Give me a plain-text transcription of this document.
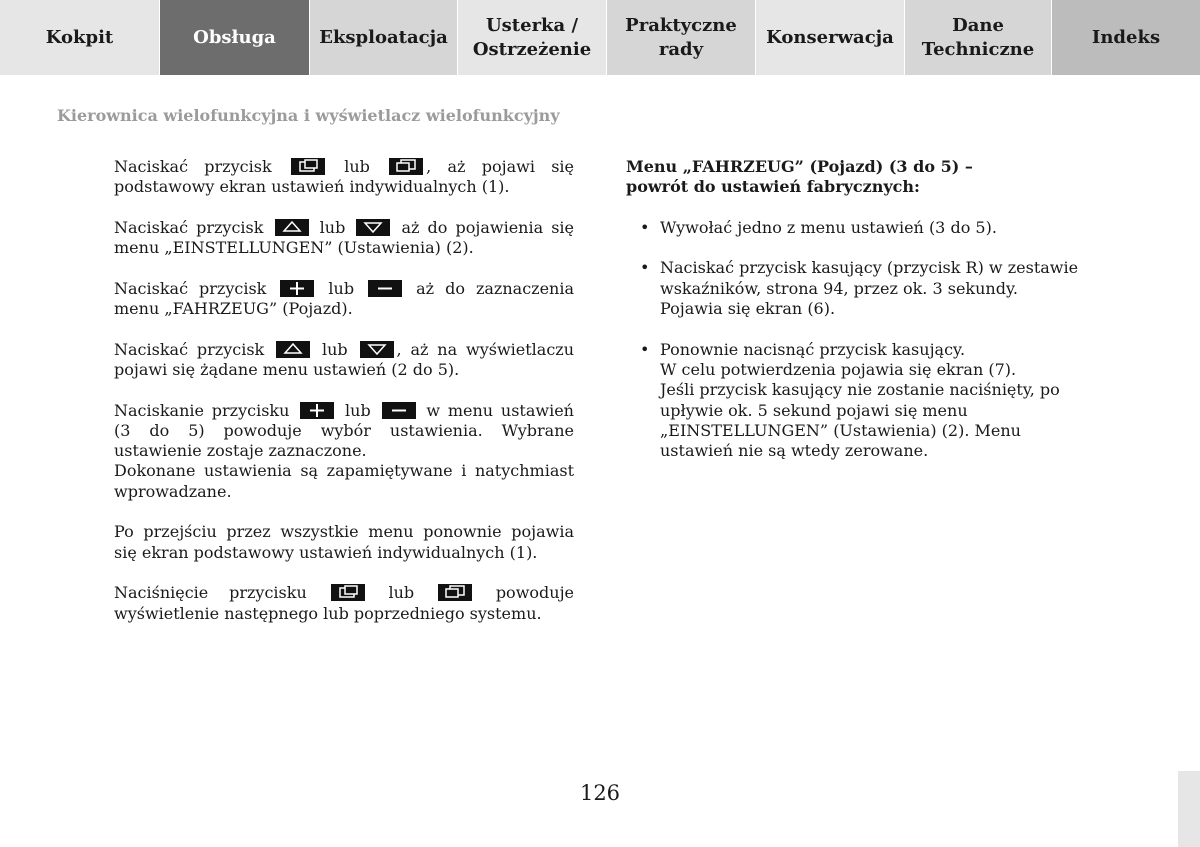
Kokpit	Obsługa Eksploatacja
Usterka /
Ostrzeżenie
Praktyczne
rady
Konserwacja
Dane
Techniczne
Indeks
Kierownica wielofunkcyjna i wyświetlacz wielofunkcyjny

Naciskać przycisk	lub	, aż pojawi się podstawowy ekran ustawień indywidualnych (1).

Naciskać przycisk	lub	aż do pojawienia się menu „EINSTELLUNGEN” (Ustawienia) (2).

Naciskać przycisk	lub	aż do zaznaczenia menu „FAHRZEUG” (Pojazd).

Naciskać przycisk	lub	, aż na wyświetlaczu pojawi się żądane menu ustawień (2 do 5).

Naciskanie przycisku	lub	w menu ustawień (3 do 5) powoduje wybór ustawienia. Wybrane ustawienie zostaje zaznaczone.

Dokonane ustawienia są zapamiętywane i natychmiast wprowadzane.

Po przejściu przez wszystkie menu ponownie pojawia się ekran podstawowy ustawień indywidualnych (1).

Naciśnięcie przycisku	lub	powoduje wyświetlenie następnego lub poprzedniego systemu.

Menu „FAHRZEUG” (Pojazd) (3 do 5) –
powrót do ustawień fabrycznych:
• Wywołać jedno z menu ustawień (3 do 5).
• Naciskać przycisk kasujący (przycisk R) w zestawie wskaźników, strona 94, przez ok. 3 sekundy.
Pojawia się ekran (6).
• Ponownie nacisnąć przycisk kasujący.
W celu potwierdzenia pojawia się ekran (7).
Jeśli przycisk kasujący nie zostanie naciśnięty, po upływie ok. 5 sekund pojawi się menu „EINSTELLUNGEN” (Ustawienia) (2). Menu ustawień nie są wtedy zerowane.
126
